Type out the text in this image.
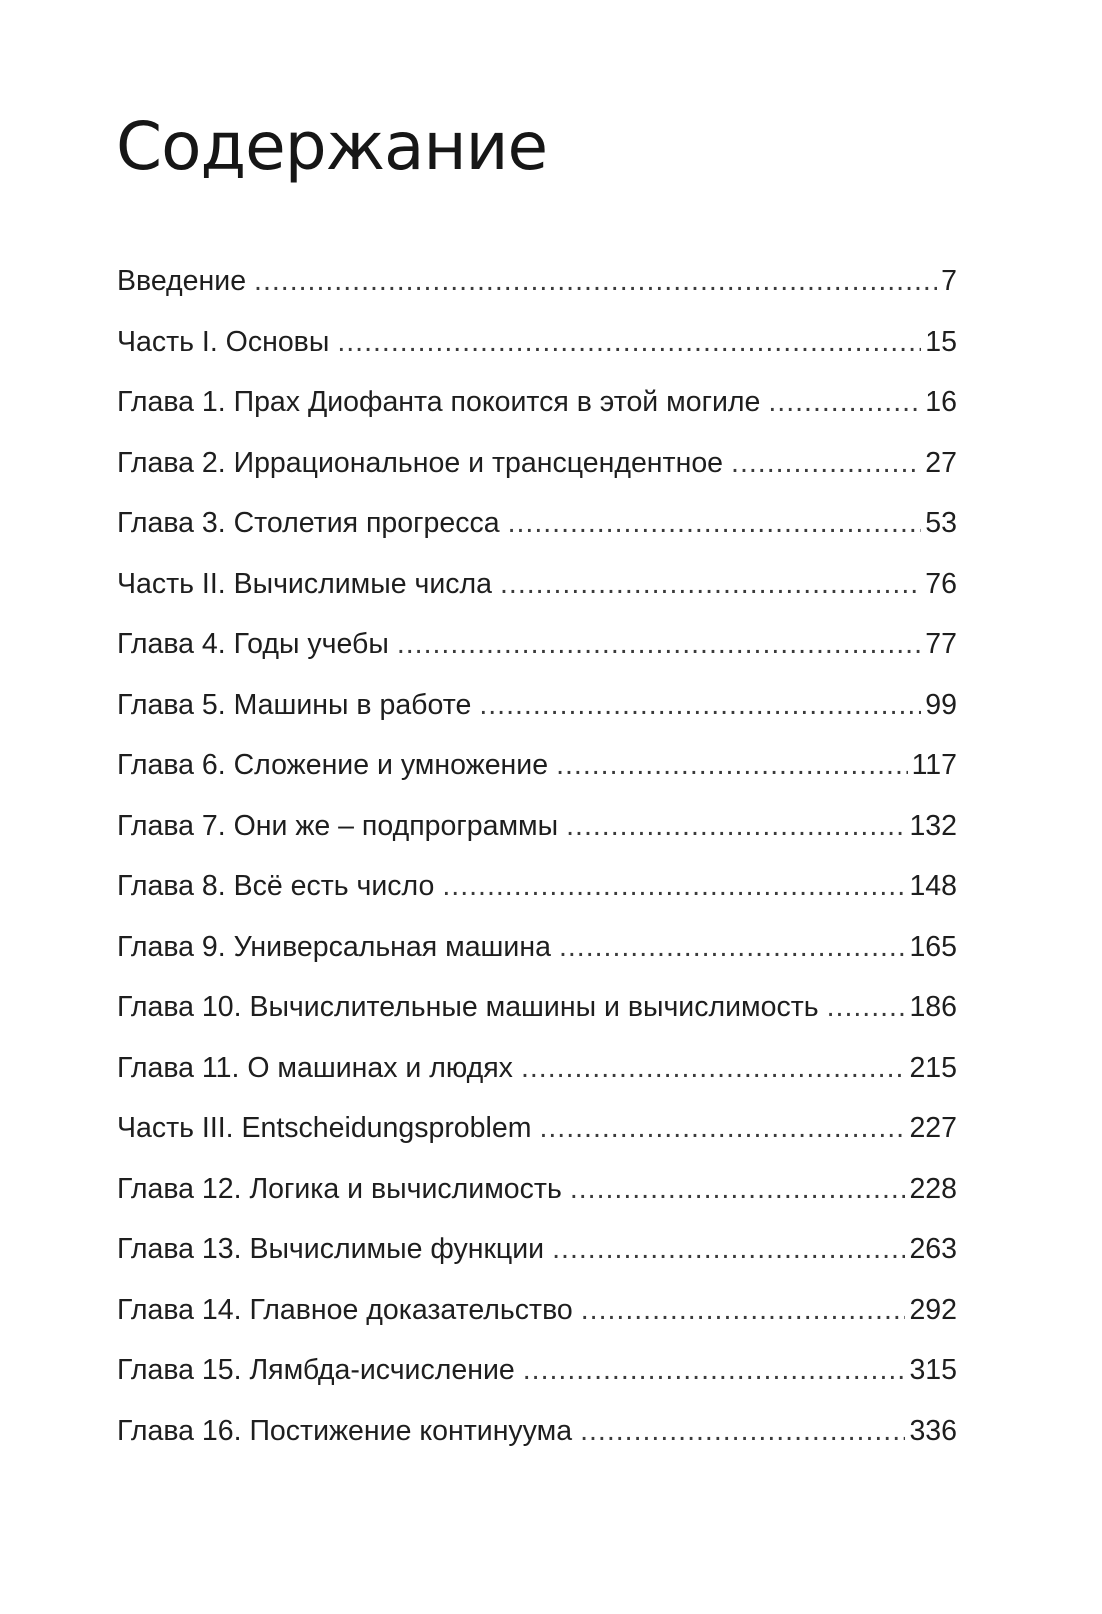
Содержание
Введение .....	7
Часть I. Основы .....	15
Глава 1. Прах Диофанта покоится в этой могиле .....	16
Глава 2. Иррациональное и трансцендентное .....	27
Глава 3. Столетия прогресса .....	53
Часть II. Вычислимые числа .....	76
Глава 4. Годы учебы .....	77
Глава 5. Машины в работе .....	99
Глава 6. Сложение и умножение .....	117
Глава 7. Они же – подпрограммы .....	132
Глава 8. Всё есть число .....	148
Глава 9. Универсальная машина .....	165
Глава 10. Вычислительные машины и вычислимость .....	186
Глава 11. О машинах и людях .....	215
Часть III. Entscheidungsproblem .....	227
Глава 12. Логика и вычислимость .....	228
Глава 13. Вычислимые функции .....	263
Глава 14. Главное доказательство .....	292
Глава 15. Лямбда-исчисление .....	315
Глава 16. Постижение континуума .....	336
